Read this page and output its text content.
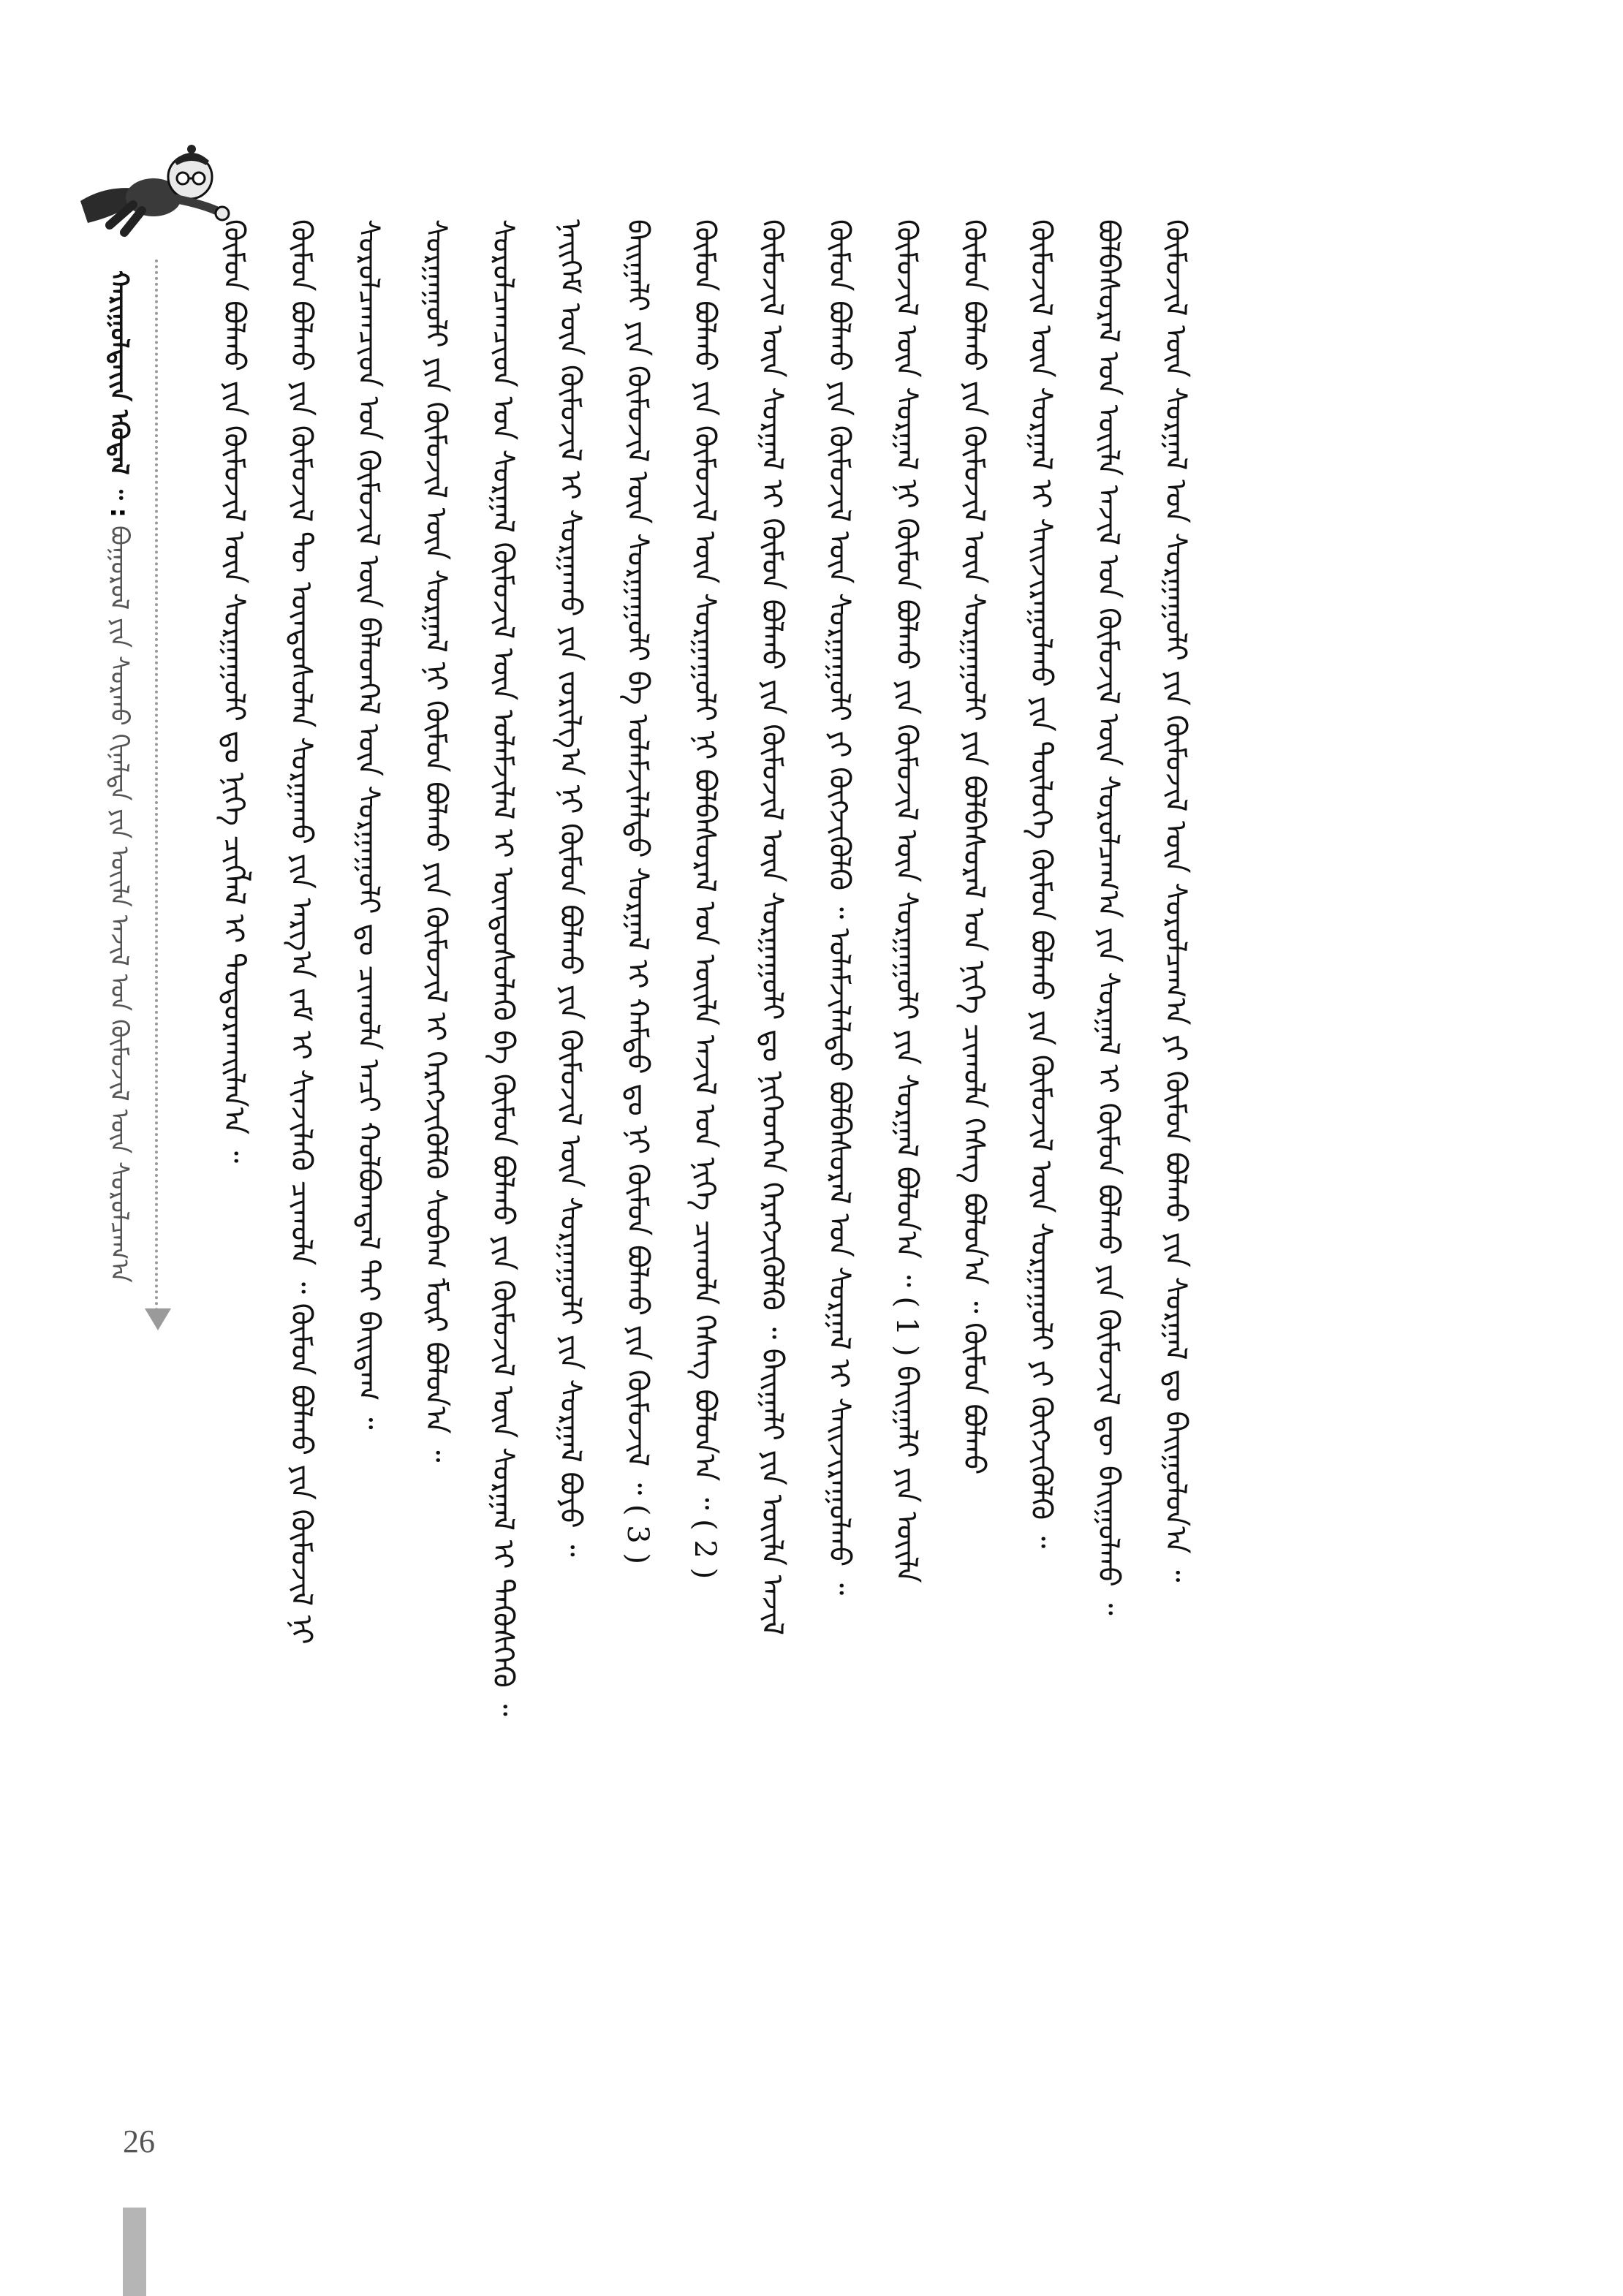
ᠬᠠᠷᠢᠭᠤᠯᠲᠠᠶ᠋ᠢᠨ ᠡᠭᠦᠳᠡᠯ ᠃ : ᠪᠤᠭᠤᠷᠤᠯ ᠶᠢᠨ ᠰᠤᠷᠬᠤ ᠬᠢᠨᠠᠯᠲᠠ ᠶᠢᠨ ᠦᠢᠯᠡ ᠠᠵᠢᠯ ᠤᠨ ᠬᠦᠮᠦᠵᠢᠯ ᠦᠨ ᠰᠤᠷᠤᠯᠴᠠᠭ᠎ᠠ	ᠬᠦᠮᠦᠨ ᠪᠤᠯᠬᠤ ᠶᠢᠨ ᠬᠦᠮᠦᠵᠢᠯ ᠦᠨ ᠰᠤᠷᠭᠠᠭᠤᠯᠢ ᠳᠤ ᠨᠢᠭᠡ ᠴᠢᠭᠯᠡᠯ ᠢ ᠲᠣᠳᠣᠷᠬᠠᠢᠯᠠᠨ᠎ᠠ ᠃ ᠬᠦᠮᠦᠨ ᠪᠤᠯᠬᠤ ᠶᠢᠨ ᠬᠦᠮᠦᠵᠢᠯ ᠲᠦ ᠦᠨᠳᠦᠰᠦᠯᠡᠨ ᠰᠤᠷᠭᠠᠬᠤ ᠶᠢᠨ ᠠᠷᠭ᠎ᠠ ᠵᠠᠮ ᠢ ᠰᠢᠨᠵᠢᠯᠡᠬᠦ ᠴᠢᠬᠤᠯᠠ ᠃ ᠬᠦᠮᠦᠨ ᠪᠤᠯᠬᠤ ᠶᠢᠨ ᠬᠦᠮᠦᠵᠢᠯ ᠨᠢ ᠰᠤᠷᠤᠯᠴᠠᠭᠴᠢᠳ ᠤᠨ ᠬᠦᠮᠦᠵᠢᠯ ᠦᠨ ᠪᠡᠯᠡᠳᠬᠡᠯ ᠦᠨ ᠰᠤᠷᠭᠠᠭᠤᠯᠢ ᠳᠤ ᠴᠢᠬᠤᠯᠠ ᠠᠴᠢ ᠬᠤᠯᠪᠤᠭᠳᠠᠯ ᠲᠠᠢ ᠪᠠᠢᠳᠠᠭ ᠃ ᠰᠤᠷᠭᠠᠭᠤᠯᠢ ᠶᠢᠨ ᠬᠦᠮᠦᠵᠢᠯ ᠦᠨ ᠰᠤᠷᠭᠠᠯ ᠨᠢ ᠬᠦᠮᠦᠨ ᠪᠤᠯᠬᠤ ᠶᠢᠨ ᠬᠦᠮᠦᠵᠢᠯ ᠢ ᠬᠡᠷᠡᠭᠵᠢᠭᠦᠯᠬᠦ ᠰᠤᠪᠠᠭ ᠮᠥᠷ ᠪᠣᠯᠤᠨ᠎ᠠ ᠃ ᠰᠤᠷᠤᠯᠴᠠᠭᠴᠢᠳ ᠤᠨ ᠰᠤᠷᠭᠠᠯ ᠬᠦᠮᠦᠵᠢᠯ ᠦᠨ ᠤᠯᠠᠮᠵᠢᠯᠠᠯ ᠢ ᠦᠨᠳᠦᠰᠦᠯᠡᠬᠦ ᠪᠠ ᠬᠦᠮᠦᠨ ᠪᠤᠯᠬᠤ ᠶᠢᠨ ᠬᠦᠮᠦᠵᠢᠯ ᠦᠨ ᠰᠤᠷᠭᠠᠯ ᠢ ᠲᠡᠭᠦᠰᠬᠡᠬᠦ ᠃ ᠨᠡᠢᠭᠡᠮ ᠦᠨ ᠬᠦᠮᠦᠵᠢᠯ ᠢ ᠰᠤᠷᠭᠠᠬᠤ ᠶᠢᠨ ᠵᠣᠷᠢᠯᠭ᠎ᠠ ᠨᠢ ᠬᠦᠮᠦᠨ ᠪᠤᠯᠬᠤ ᠶᠢᠨ ᠬᠦᠮᠦᠵᠢᠯ ᠦᠨ ᠰᠤᠷᠭᠠᠭᠤᠯᠢ ᠶᠢᠨ ᠰᠤᠷᠭᠠᠯ ᠪᠤᠶᠤ ᠃ ᠪᠠᠢᠭᠠᠯᠢ ᠶᠢᠨ ᠬᠦᠮᠦᠵᠢᠯ ᠦᠨ ᠰᠤᠷᠭᠠᠭᠤᠯᠢ ᠪᠠ ᠤᠯᠠᠮᠵᠢᠯᠠᠯᠲᠤ ᠰᠤᠷᠭᠠᠯ ᠢ ᠬᠠᠮᠲᠤ ᠳᠤ ᠨᠢ ᠬᠦᠮᠦᠨ ᠪᠤᠯᠬᠤ ᠶᠢᠨ ᠬᠦᠮᠦᠵᠢᠯ ᠃ ( 3 ) ᠬᠦᠮᠦᠨ ᠪᠤᠯᠬᠤ ᠶᠢᠨ ᠬᠦᠮᠦᠵᠢᠯ ᠦᠨ ᠰᠤᠷᠭᠠᠭᠤᠯᠢ ᠨᠢ ᠪᠤᠯᠪᠠᠰᠤᠷᠠᠯ ᠤᠨ ᠦᠢᠯᠡ ᠠᠵᠢᠯ ᠤᠨ ᠨᠢᠭᠡ ᠴᠢᠬᠤᠯᠠ ᠬᠡᠰᠡᠭ ᠪᠣᠯᠤᠨ᠎ᠠ ᠃ ( 2 ) ᠬᠦᠮᠦᠵᠢᠯ ᠦᠨ ᠰᠤᠷᠭᠠᠯ ᠢ ᠬᠦᠮᠦᠨ ᠪᠤᠯᠬᠤ ᠶᠢᠨ ᠬᠦᠮᠦᠵᠢᠯ ᠦᠨ ᠰᠤᠷᠭᠠᠭᠤᠯᠢ ᠳᠤ ᠨᠢᠭᠡᠳᠬᠡᠨ ᠬᠡᠷᠡᠭᠵᠢᠭᠦᠯᠬᠦ ᠃ ᠪᠠᠢᠭᠠᠯᠢ ᠶᠢᠨ ᠦᠢᠯᠡ ᠠᠵᠢᠯ ᠬᠦᠮᠦᠨ ᠪᠤᠯᠬᠤ ᠶᠢᠨ ᠬᠦᠮᠦᠵᠢᠯ ᠦᠨ ᠰᠤᠷᠭᠠᠭᠤᠯᠢ ᠶᠢ ᠬᠥᠭᠵᠢᠭᠦᠯᠬᠦ ᠃ ᠤᠯᠠᠮᠵᠢᠯᠠᠯᠲᠤ ᠪᠣᠯᠪᠠᠰᠤᠷᠠᠯ ᠤᠨ ᠰᠤᠷᠭᠠᠯ ᠢ ᠰᠠᠢᠵᠢᠷᠠᠭᠤᠯᠬᠤ ᠃ ᠬᠦᠮᠦᠵᠢᠯ ᠦᠨ ᠰᠤᠷᠭᠠᠯ ᠨᠢ ᠬᠦᠮᠦᠨ ᠪᠤᠯᠬᠤ ᠶᠢᠨ ᠬᠦᠮᠦᠵᠢᠯ ᠦᠨ ᠰᠤᠷᠭᠠᠭᠤᠯᠢ ᠶᠢᠨ ᠰᠤᠷᠭᠠᠯ ᠪᠣᠯᠤᠨ᠎ᠠ ᠃ ( 1 ) ᠪᠠᠢᠭᠠᠯᠢ ᠶᠢᠨ ᠦᠢᠯᠡ ᠬᠦᠮᠦᠨ ᠪᠤᠯᠬᠤ ᠶᠢᠨ ᠬᠦᠮᠦᠵᠢᠯ ᠦᠨ ᠰᠤᠷᠭᠠᠭᠤᠯᠢ ᠶᠢᠨ ᠪᠤᠯᠪᠠᠰᠤᠷᠠᠯ ᠤᠨ ᠨᠢᠭᠡ ᠴᠢᠬᠤᠯᠠ ᠬᠡᠰᠡᠭ ᠪᠣᠯᠤᠨ᠎ᠠ ᠃ ᠬᠦᠮᠦᠨ ᠪᠤᠯᠬᠤ ᠬᠦᠮᠦᠵᠢᠯ ᠦᠨ ᠰᠤᠷᠭᠠᠯ ᠢ ᠰᠠᠢᠵᠢᠷᠠᠭᠤᠯᠬᠤ ᠶᠢᠨ ᠲᠥᠯᠦᠭᠡ ᠬᠦᠮᠦᠨ ᠪᠤᠯᠬᠤ ᠶᠢᠨ ᠬᠦᠮᠦᠵᠢᠯ ᠦᠨ ᠰᠤᠷᠭᠠᠭᠤᠯᠢ ᠶᠢ ᠬᠥᠭᠵᠢᠭᠦᠯᠬᠦ ᠃ ᠪᠣᠯᠪᠠᠰᠤᠷᠠᠯ ᠤᠨ ᠦᠢᠯᠡ ᠠᠵᠢᠯ ᠤᠨ ᠬᠦᠮᠦᠵᠢᠯ ᠦᠨ ᠰᠤᠷᠤᠯᠴᠠᠭ᠎ᠠ ᠶᠢᠨ ᠰᠤᠷᠭᠠᠯ ᠢ ᠬᠦᠮᠦᠨ ᠪᠤᠯᠬᠤ ᠶᠢᠨ ᠬᠦᠮᠦᠵᠢᠯ ᠳᠦ ᠪᠠᠢᠭᠤᠯᠬᠤ ᠃ ᠬᠦᠮᠦᠵᠢᠯ ᠦᠨ ᠰᠤᠷᠭᠠᠯ ᠤᠨ ᠰᠤᠷᠭᠠᠭᠤᠯᠢ ᠶᠢᠨ ᠬᠦᠮᠦᠵᠢᠯ ᠦᠨ ᠰᠤᠷᠤᠯᠴᠠᠭ᠎ᠠ ᠶᠢ ᠬᠦᠮᠦᠨ ᠪᠤᠯᠬᠤ ᠶᠢᠨ ᠰᠤᠷᠭᠠᠯ ᠳᠤ ᠪᠠᠢᠭᠤᠯᠤᠨ᠎ᠠ ᠃
26
